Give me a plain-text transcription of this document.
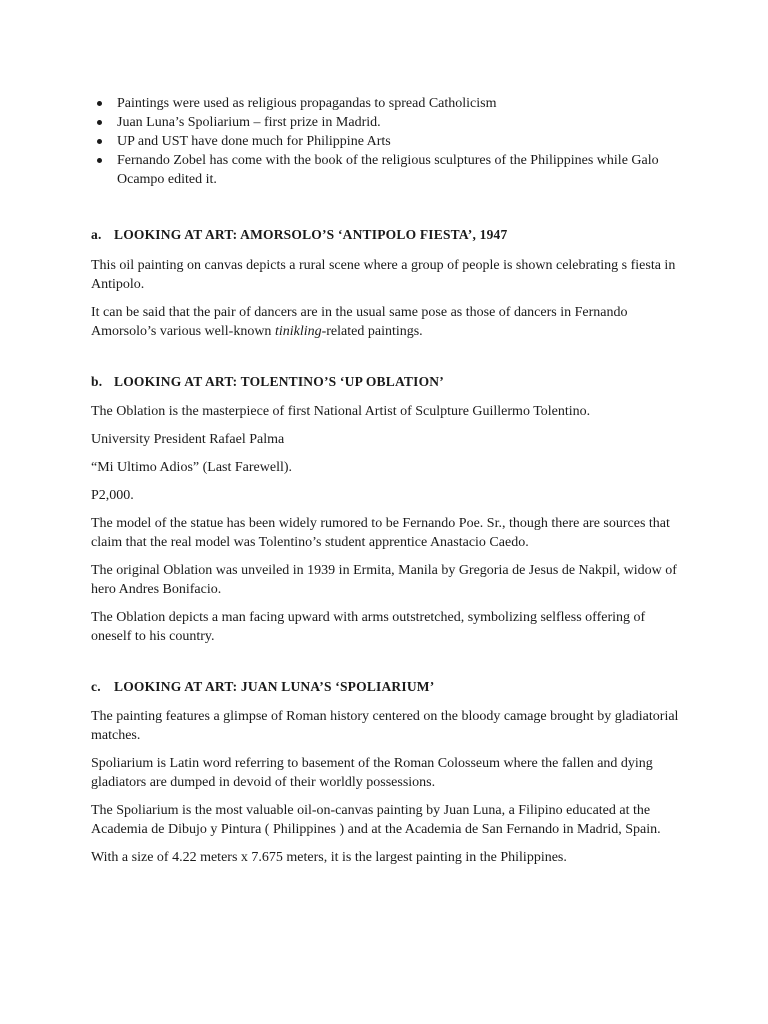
Paintings were used as religious propagandas to spread Catholicism
Juan Luna’s Spoliarium – first prize in Madrid.
UP and UST have done much for Philippine Arts
Fernando Zobel has come with the book of the religious sculptures of the Philippines while Galo Ocampo edited it.
a. LOOKING AT ART: AMORSOLO’S ‘ANTIPOLO FIESTA’, 1947

This oil painting on canvas depicts a rural scene where a group of people is shown celebrating s fiesta in Antipolo.

It can be said that the pair of dancers are in the usual same pose as those of dancers in Fernando Amorsolo’s various well-known tinikling-related paintings.

b. LOOKING AT ART: TOLENTINO’S ‘UP OBLATION’

The Oblation is the masterpiece of first National Artist of Sculpture Guillermo Tolentino.

University President Rafael Palma

“Mi Ultimo Adios” (Last Farewell).

P2,000.

The model of the statue has been widely rumored to be Fernando Poe. Sr., though there are sources that claim that the real model was Tolentino’s student apprentice Anastacio Caedo.

The original Oblation was unveiled in 1939 in Ermita, Manila by Gregoria de Jesus de Nakpil, widow of hero Andres Bonifacio.

The Oblation depicts a man facing upward with arms outstretched, symbolizing selfless offering of oneself to his country.

c. LOOKING AT ART: JUAN LUNA’S ‘SPOLIARIUM’

The painting features a glimpse of Roman history centered on the bloody camage brought by gladiatorial matches.

Spoliarium is Latin word referring to basement of the Roman Colosseum where the fallen and dying gladiators are dumped in devoid of their worldly possessions.

The Spoliarium is the most valuable oil-on-canvas painting by Juan Luna, a Filipino educated at the Academia de Dibujo y Pintura ( Philippines ) and at the Academia de San Fernando in Madrid, Spain.

With a size of 4.22 meters x 7.675 meters, it is the largest painting in the Philippines.
